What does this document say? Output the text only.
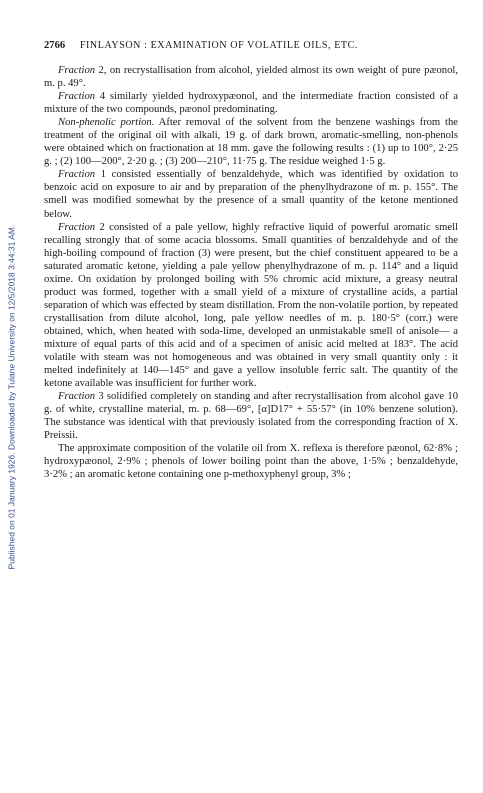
Published on 01 January 1926. Downloaded by Tulane University on 12/5/2018 3:44:31 AM.
2766 FINLAYSON : EXAMINATION OF VOLATILE OILS, ETC.

Fraction 2, on recrystallisation from alcohol, yielded almost its own weight of pure pæonol, m. p. 49°.

Fraction 4 similarly yielded hydroxypæonol, and the intermediate fraction consisted of a mixture of the two compounds, pæonol predominating.

Non-phenolic portion. After removal of the solvent from the benzene washings from the treatment of the original oil with alkali, 19 g. of dark brown, aromatic-smelling, non-phenols were obtained which on fractionation at 18 mm. gave the following results : (1) up to 100°, 2·25 g. ; (2) 100—200°, 2·20 g. ; (3) 200—210°, 11·75 g. The residue weighed 1·5 g.

Fraction 1 consisted essentially of benzaldehyde, which was identified by oxidation to benzoic acid on exposure to air and by preparation of the phenylhydrazone of m. p. 155°. The smell was modified somewhat by the presence of a small quantity of the ketone mentioned below.

Fraction 2 consisted of a pale yellow, highly refractive liquid of powerful aromatic smell recalling strongly that of some acacia blossoms. Small quantities of benzaldehyde and of the high-boiling compound of fraction (3) were present, but the chief constituent appeared to be a saturated aromatic ketone, yielding a pale yellow phenylhydrazone of m. p. 114° and a liquid oxime. On oxidation by prolonged boiling with 5% chromic acid mixture, a greasy neutral product was formed, together with a small yield of a mixture of crystalline acids, a partial separation of which was effected by steam distillation. From the non-volatile portion, by repeated crystallisation from dilute alcohol, long, pale yellow needles of m. p. 180·5° (corr.) were obtained, which, when heated with soda-lime, developed an unmistakable smell of anisole— a mixture of equal parts of this acid and of a specimen of anisic acid melted at 183°. The acid volatile with steam was not homogeneous and was obtained in very small quantity only : it melted indefinitely at 140—145° and gave a yellow insoluble ferric salt. The quantity of the ketone available was insufficient for further work.

Fraction 3 solidified completely on standing and after recrystallisation from alcohol gave 10 g. of white, crystalline material, m. p. 68—69°, [α]D17° + 55·57° (in 10% benzene solution). The substance was identical with that previously isolated from the corresponding fraction of X. Preissii.

The approximate composition of the volatile oil from X. reflexa is therefore pæonol, 62·8% ; hydroxypæonol, 2·9% ; phenols of lower boiling point than the above, 1·5% ; benzaldehyde, 3·2% ; an aromatic ketone containing one p-methoxyphenyl group, 3% ;
